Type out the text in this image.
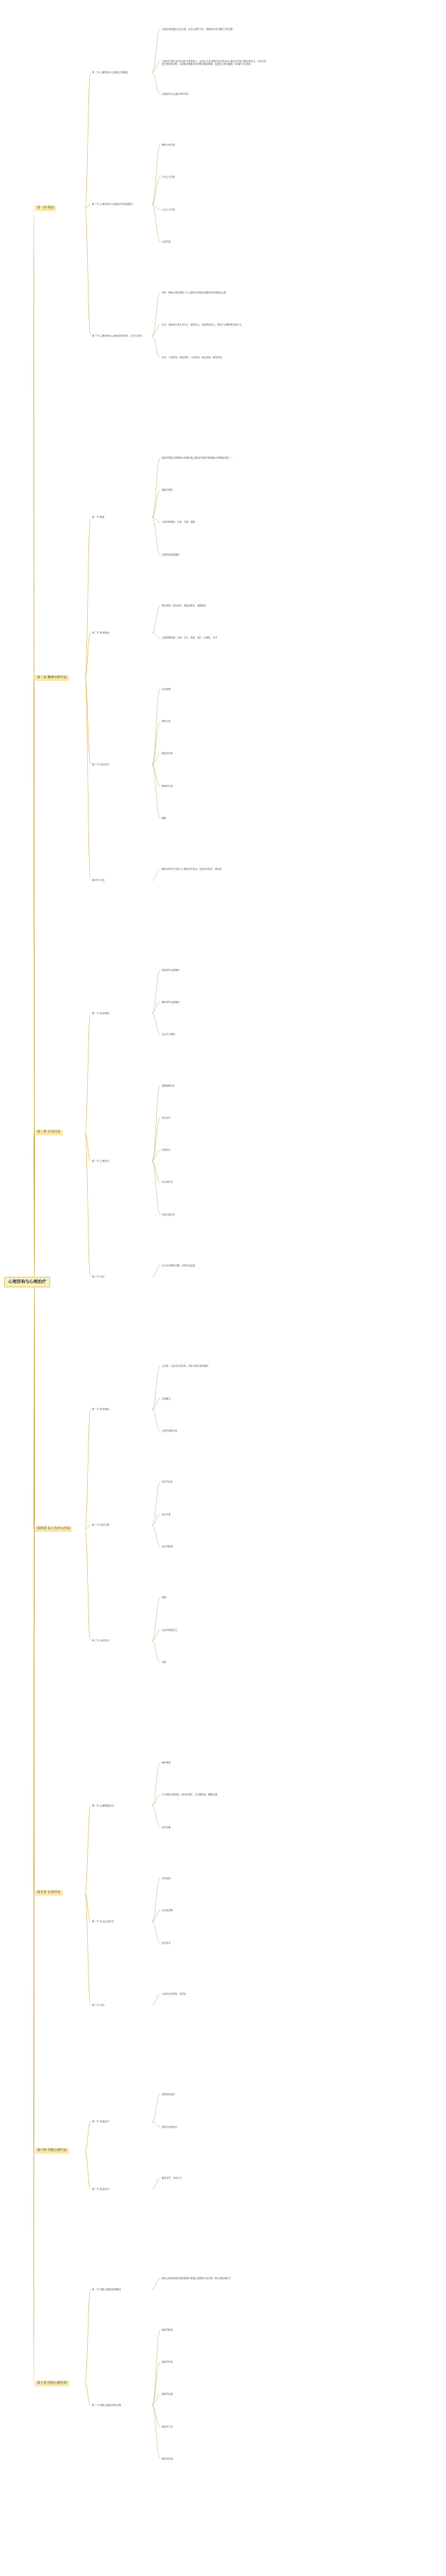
心理咨询是通过人际关系，运用心理学方法，帮助来访者自强自立的过程
心理治疗是在良好的治疗关系基础上，由经过专业训练的治疗者运用心理治疗的有关理论和技术，对来访者进行帮助的过程，以消除或缓解来访者的问题或障碍，促进其人格向健康、协调的方向发展
心理咨询与心理治疗的异同
第一节 心理咨询与心理治疗的概念
精神分析学派
行为主义学派
人本主义学派
认知学派
第二节 心理咨询与心理治疗的发展简史
对象：精神正常但遇到了与心理有关的现实问题并请求帮助的人群
任务：帮助来访者认识自己、接纳自己，进而欣赏自己，改变不合理的观念和行为
形式：个别咨询、团体咨询、门诊咨询、电话咨询、网络咨询
第三节 心理咨询与心理治疗的对象、任务与形式
第一章 绪论
弗洛伊德创立的精神分析理论是心理治疗领域中影响最大的理论体系之一
潜意识理论
人格结构理论：本我、自我、超我
心理性欲发展理论
第一节 概述
焦虑理论：现实焦虑、神经症焦虑、道德焦虑
心理防御机制：压抑、否认、投射、退行、合理化、升华
第二节 基本理论
自由联想
梦的分析
阻抗的分析
移情的分析
解释
第三节 治疗技术
精神分析疗法开创了心理治疗的先河，但治疗时间长、费用高
第四节 评价
第二章 精神分析疗法
经典条件反射理论
操作条件反射理论
社会学习理论
第一节 基本理论
系统脱敏疗法
冲击疗法
厌恶疗法
代币制疗法
生物反馈疗法
第二节 主要技术
行为疗法操作性强、疗效可以测量
第三节 评价
第三章 行为疗法
人性观：人是可以信任的，具有自我实现的倾向
自我概念
心理失调的实质
第一节 基本理论
治疗的目标
治疗关系
治疗的阶段
第二节 治疗过程
真诚
无条件积极关注
共情
第三节 治疗技术
第四章 以人为中心疗法
ABC理论
不合理信念的特征：绝对化要求、过分概括化、糟糕至极
治疗步骤
第一节 合理情绪疗法
认知歪曲
自动化思维
治疗技术
第二节 贝克认知疗法
认知疗法疗程短、见效快
第三节 评价
第五章 认知疗法
系统家庭治疗
结构式家庭治疗
第一节 家庭治疗
顺其自然，为所当为
第二节 森田疗法
第六章 其他心理疗法
团体心理咨询是在团体情境中提供心理帮助与指导的一种心理咨询形式
第一节 团体心理咨询的概念
团体的准备
团体的开始
团体的过渡
团体的工作
团体的结束
第二节 团体心理咨询的过程
第七章 团体心理咨询
心理咨询与心理治疗
